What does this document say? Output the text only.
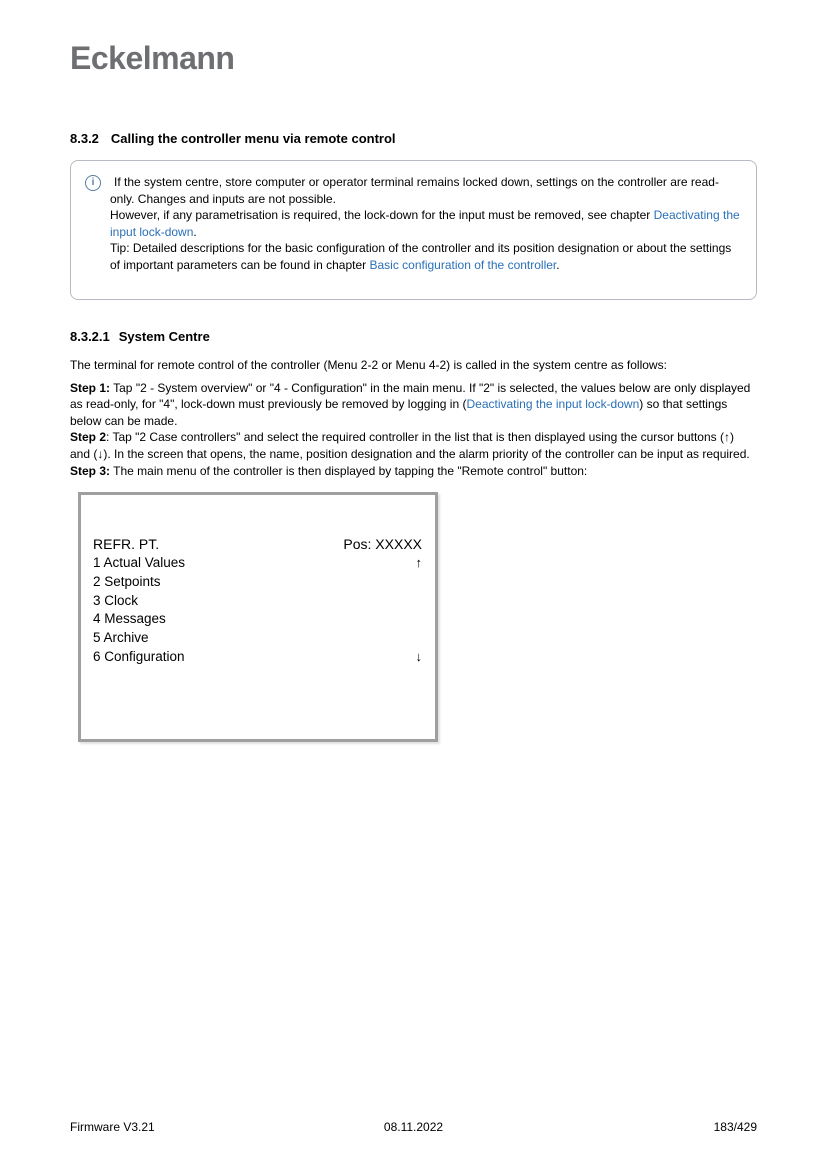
Eckelmann
8.3.2 Calling the controller menu via remote control
i	If the system centre, store computer or operator terminal remains locked down, settings on the controller are read-only. Changes and inputs are not possible.
However, if any parametrisation is required, the lock-down for the input must be removed, see chapter Deactivating the input lock-down.
Tip: Detailed descriptions for the basic configuration of the controller and its position designation or about the settings of important parameters can be found in chapter Basic configuration of the controller.
8.3.2.1 System Centre

The terminal for remote control of the controller (Menu 2-2 or Menu 4-2) is called in the system centre as follows:

Step 1: Tap "2 - System overview" or "4 - Configuration" in the main menu. If "2" is selected, the values below are only displayed as read-only, for "4", lock-down must previously be removed by logging in (Deactivating the input lock-down) so that settings below can be made.

Step 2: Tap "2 Case controllers" and select the required controller in the list that is then displayed using the cursor buttons (↑) and (↓). In the screen that opens, the name, position designation and the alarm priority of the controller can be input as required.

Step 3: The main menu of the controller is then displayed by tapping the "Remote control" button:

REFR. PT.	Pos: XXXXX
1 Actual Values	↑
2 Setpoints
3 Clock
4 Messages
5 Archive
6 Configuration	↓
Firmware V3.21	08.11.2022	183/429
